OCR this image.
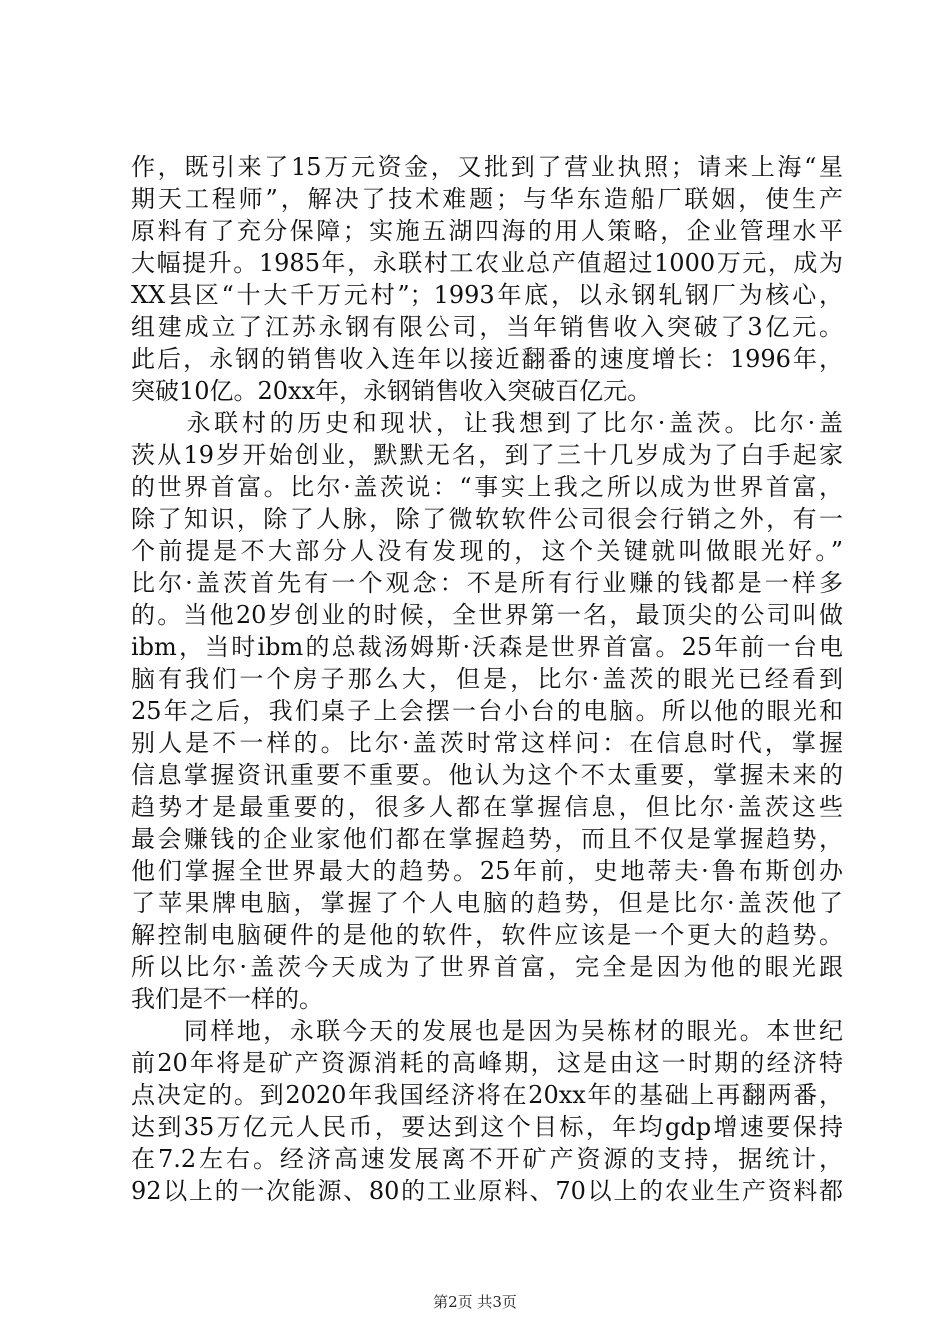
作，既引来了15万元资金，又批到了营业执照；请来上海“星
期天工程师”，解决了技术难题；与华东造船厂联姻，使生产
原料有了充分保障；实施五湖四海的用人策略，企业管理水平
大幅提升。1985年，永联村工农业总产值超过1000万元，成为
XX县区“十大千万元村”；1993年底，以永钢轧钢厂为核心，
组建成立了江苏永钢有限公司，当年销售收入突破了3亿元。
此后，永钢的销售收入连年以接近翻番的速度增长：1996年，
突破10亿。20xx年，永钢销售收入突破百亿元。
　　永联村的历史和现状，让我想到了比尔·盖茨。比尔·盖
茨从19岁开始创业，默默无名，到了三十几岁成为了白手起家
的世界首富。比尔·盖茨说：“事实上我之所以成为世界首富，
除了知识，除了人脉，除了微软软件公司很会行销之外，有一
个前提是不大部分人没有发现的，这个关键就叫做眼光好。”
比尔·盖茨首先有一个观念：不是所有行业赚的钱都是一样多
的。当他20岁创业的时候，全世界第一名，最顶尖的公司叫做
ibm，当时ibm的总裁汤姆斯·沃森是世界首富。25年前一台电
脑有我们一个房子那么大，但是，比尔·盖茨的眼光已经看到
25年之后，我们桌子上会摆一台小台的电脑。所以他的眼光和
别人是不一样的。比尔·盖茨时常这样问：在信息时代，掌握
信息掌握资讯重要不重要。他认为这个不太重要，掌握未来的
趋势才是最重要的，很多人都在掌握信息，但比尔·盖茨这些
最会赚钱的企业家他们都在掌握趋势，而且不仅是掌握趋势，
他们掌握全世界最大的趋势。25年前，史地蒂夫·鲁布斯创办
了苹果牌电脑，掌握了个人电脑的趋势，但是比尔·盖茨他了
解控制电脑硬件的是他的软件，软件应该是一个更大的趋势。
所以比尔·盖茨今天成为了世界首富，完全是因为他的眼光跟
我们是不一样的。
　　同样地，永联今天的发展也是因为吴栋材的眼光。本世纪
前20年将是矿产资源消耗的高峰期，这是由这一时期的经济特
点决定的。到2020年我国经济将在20xx年的基础上再翻两番，
达到35万亿元人民币，要达到这个目标，年均gdp增速要保持
在7.2左右。经济高速发展离不开矿产资源的支持，据统计，
92以上的一次能源、80的工业原料、70以上的农业生产资料都
第2页 共3页
